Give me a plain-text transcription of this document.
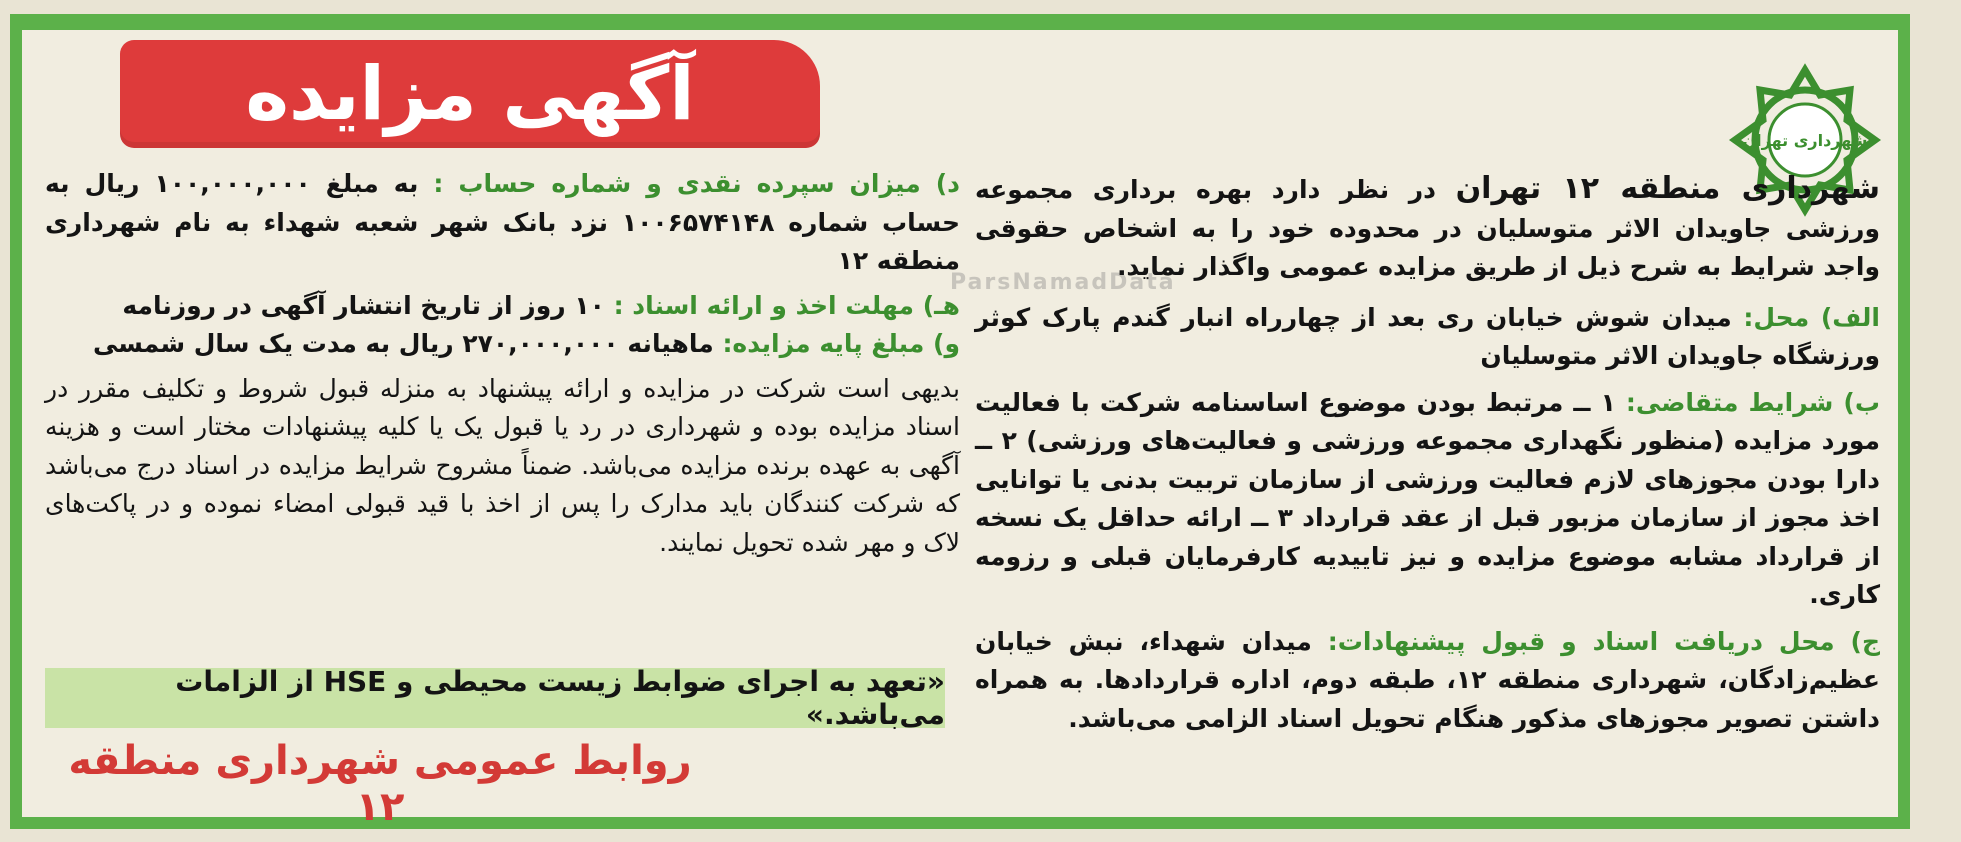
آگهی مزایده
شهرداری تهران
ParsNamadData

شهرداری منطقه ۱۲ تهران در نظر دارد بهره برداری مجموعه ورزشی جاویدان الاثر متوسلیان در محدوده خود را به اشخاص حقوقی واجد شرایط به شرح ذیل از طریق مزایده عمومی واگذار نماید.

الف) محل: میدان شوش خیابان ری بعد از چهارراه انبار گندم پارک کوثر ورزشگاه جاویدان الاثر متوسلیان

ب) شرایط متقاضی: ۱ ــ مرتبط بودن موضوع اساسنامه شرکت با فعالیت مورد مزایده (منظور نگهداری مجموعه ورزشی و فعالیت‌های ورزشی) ۲ ــ دارا بودن مجوزهای لازم فعالیت ورزشی از سازمان تربیت بدنی یا توانایی اخذ مجوز از سازمان مزبور قبل از عقد قرارداد ۳ ــ ارائه حداقل یک نسخه از قرارداد مشابه موضوع مزایده و نیز تاییدیه کارفرمایان قبلی و رزومه کاری.

ج) محل دریافت اسناد و قبول پیشنهادات: میدان شهداء، نبش خیابان عظیم‌زادگان، شهرداری منطقه ۱۲، طبقه دوم، اداره قراردادها. به همراه داشتن تصویر مجوزهای مذکور هنگام تحویل اسناد الزامی می‌باشد.

د) میزان سپرده نقدی و شماره حساب : به مبلغ ۱۰۰,۰۰۰,۰۰۰ ریال به حساب شماره ۱۰۰۶۵۷۴۱۴۸ نزد بانک شهر شعبه شهداء به نام شهرداری منطقه ۱۲

هـ) مهلت اخذ و ارائه اسناد : ۱۰ روز از تاریخ انتشار آگهی در روزنامه

و) مبلغ پایه مزایده: ماهیانه ۲۷۰,۰۰۰,۰۰۰ ریال به مدت یک سال شمسی

بدیهی است شرکت در مزایده و ارائه پیشنهاد به منزله قبول شروط و تکلیف مقرر در اسناد مزایده بوده و شهرداری در رد یا قبول یک یا کلیه پیشنهادات مختار است و هزینه آگهی به عهده برنده مزایده می‌باشد. ضمناً مشروح شرایط مزایده در اسناد درج می‌باشد که شرکت کنندگان باید مدارک را پس از اخذ با قید قبولی امضاء نموده و در پاکت‌های لاک و مهر شده تحویل نمایند.

«تعهد به اجرای ضوابط زیست محیطی و HSE از الزامات می‌باشد.»
روابط عمومی شهرداری منطقه ۱۲
